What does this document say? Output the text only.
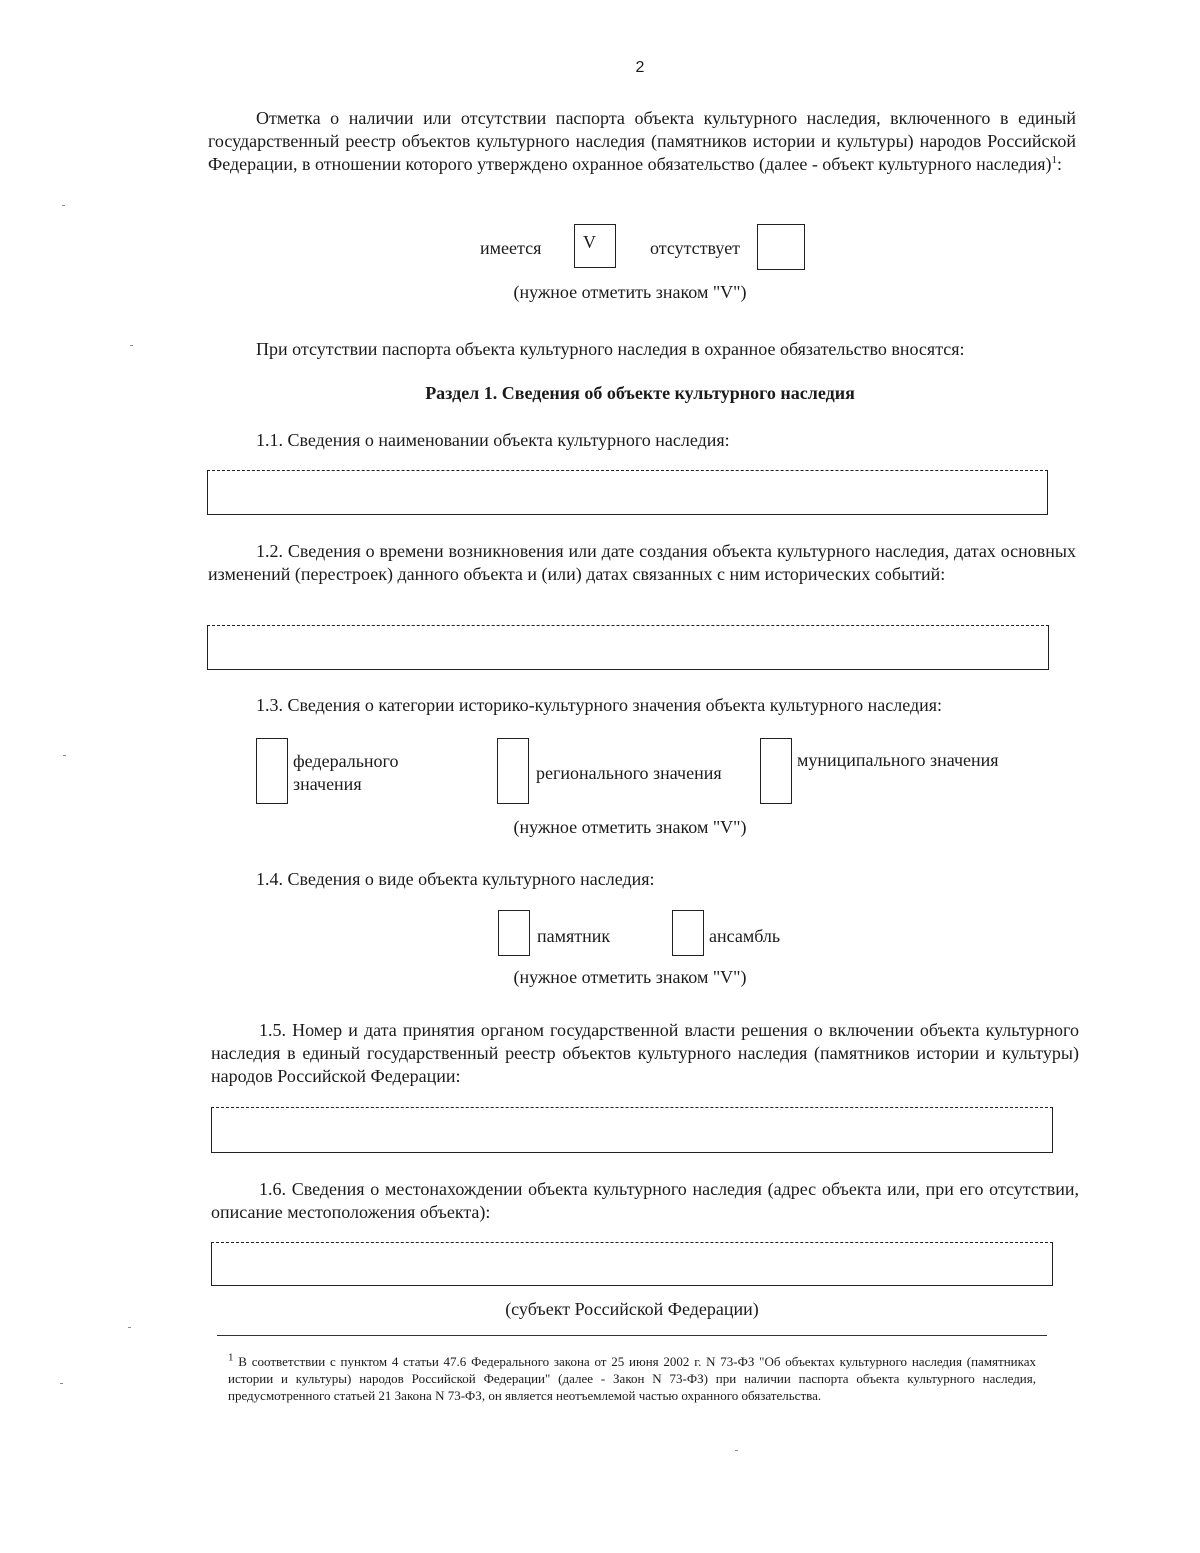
2
Отметка о наличии или отсутствии паспорта объекта культурного наследия, включенного в единый государственный реестр объектов культурного наследия (памятников истории и культуры) народов Российской Федерации, в отношении которого утверждено охранное обязательство (далее - объект культурного наследия)$^1$:
имеется	V	отсутствует
(нужное отметить знаком "V")
При отсутствии паспорта объекта культурного наследия в охранное обязательство вносятся:
Раздел 1. Сведения об объекте культурного наследия
1.1. Сведения о наименовании объекта культурного наследия:
1.2. Сведения о времени возникновения или дате создания объекта культурного наследия, датах основных изменений (перестроек) данного объекта и (или) датах связанных с ним исторических событий:
1.3. Сведения о категории историко-культурного значения объекта культурного наследия:
федерального значения
регионального значения
муниципального значения
(нужное отметить знаком "V")
1.4. Сведения о виде объекта культурного наследия:
памятник	ансамбль
(нужное отметить знаком "V")
1.5. Номер и дата принятия органом государственной власти решения о включении объекта культурного наследия в единый государственный реестр объектов культурного наследия (памятников истории и культуры) народов Российской Федерации:
1.6. Сведения о местонахождении объекта культурного наследия (адрес объекта или, при его отсутствии, описание местоположения объекта):
(субъект Российской Федерации)
$^1$ В соответствии с пунктом 4 статьи 47.6 Федерального закона от 25 июня 2002 г. N 73-ФЗ "Об объектах культурного наследия (памятниках истории и культуры) народов Российской Федерации" (далее - Закон N 73-ФЗ) при наличии паспорта объекта культурного наследия, предусмотренного статьей 21 Закона N 73-ФЗ, он является неотъемлемой частью охранного обязательства.
